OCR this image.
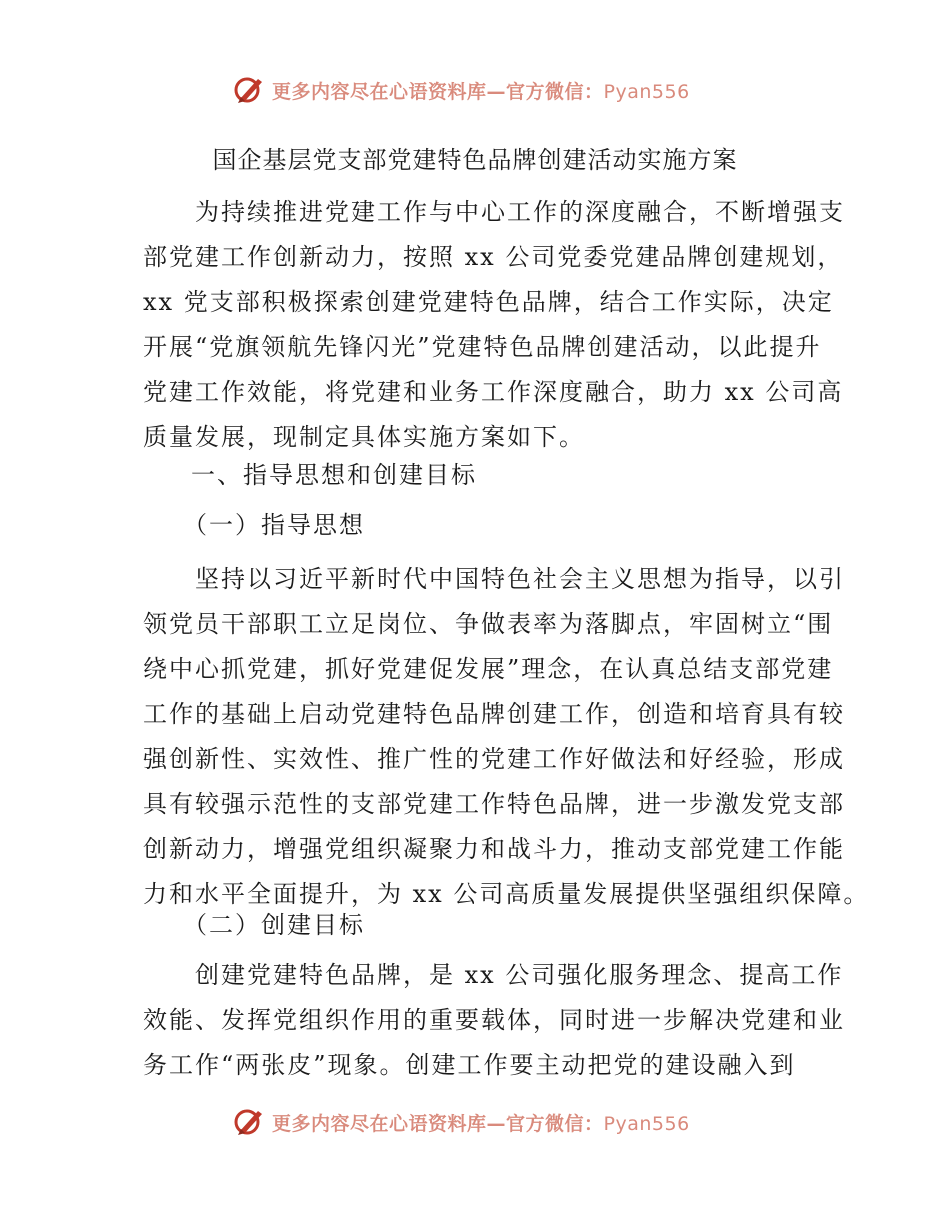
更多内容尽在心语资料库—官方微信：Pyan556
国企基层党支部党建特色品牌创建活动实施方案
　　为持续推进党建工作与中心工作的深度融合，不断增强支
部党建工作创新动力，按照 xx 公司党委党建品牌创建规划，
xx 党支部积极探索创建党建特色品牌，结合工作实际，决定
开展“党旗领航先锋闪光”党建特色品牌创建活动，以此提升
党建工作效能，将党建和业务工作深度融合，助力 xx 公司高
质量发展，现制定具体实施方案如下。
一、指导思想和创建目标
（一）指导思想
　　坚持以习近平新时代中国特色社会主义思想为指导，以引
领党员干部职工立足岗位、争做表率为落脚点，牢固树立“围
绕中心抓党建，抓好党建促发展”理念，在认真总结支部党建
工作的基础上启动党建特色品牌创建工作，创造和培育具有较
强创新性、实效性、推广性的党建工作好做法和好经验，形成
具有较强示范性的支部党建工作特色品牌，进一步激发党支部
创新动力，增强党组织凝聚力和战斗力，推动支部党建工作能
力和水平全面提升，为 xx 公司高质量发展提供坚强组织保障。
（二）创建目标
　　创建党建特色品牌，是 xx 公司强化服务理念、提高工作
效能、发挥党组织作用的重要载体，同时进一步解决党建和业
务工作“两张皮”现象。创建工作要主动把党的建设融入到
更多内容尽在心语资料库—官方微信：Pyan556
